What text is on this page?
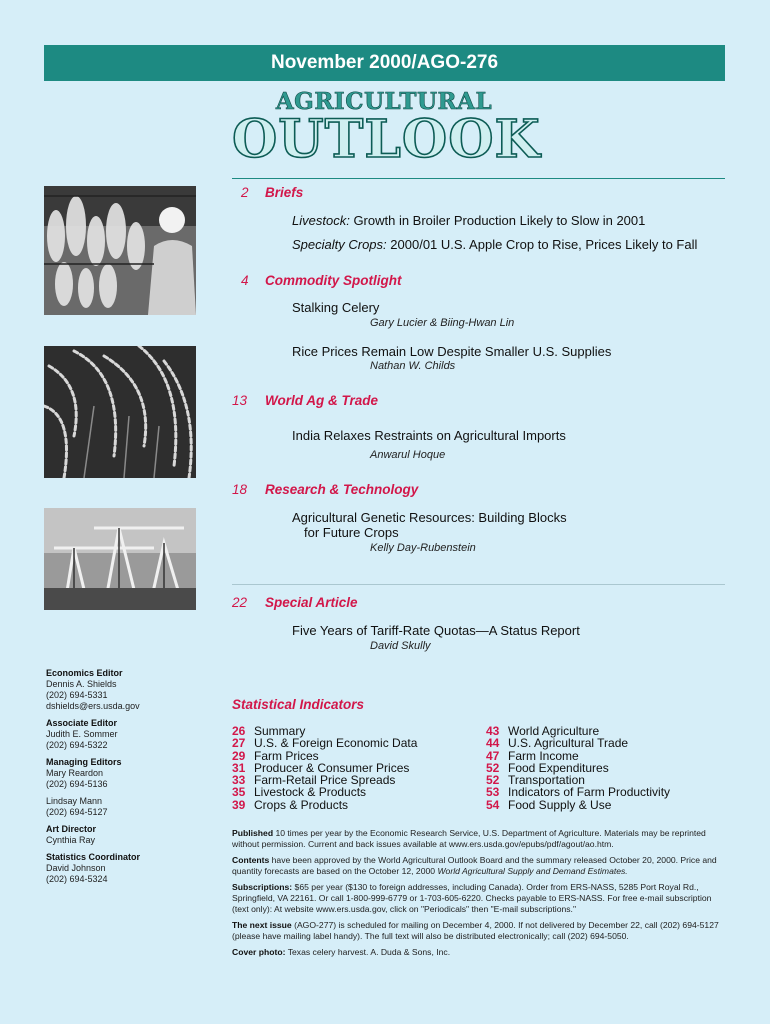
November 2000/AGO-276
AGRICULTURAL
OUTLOOK
2 Briefs
Livestock: Growth in Broiler Production Likely to Slow in 2001
Specialty Crops: 2000/01 U.S. Apple Crop to Rise, Prices Likely to Fall
4 Commodity Spotlight
Stalking Celery
Gary Lucier & Biing-Hwan Lin
Rice Prices Remain Low Despite Smaller U.S. Supplies
Nathan W. Childs
13 World Ag & Trade
India Relaxes Restraints on Agricultural Imports
Anwarul Hoque
18 Research & Technology
Agricultural Genetic Resources: Building Blocks
for Future Crops
Kelly Day-Rubenstein
22 Special Article
Five Years of Tariff-Rate Quotas—A Status Report
David Skully
Economics Editor
Dennis A. Shields
(202) 694-5331
dshields@ers.usda.gov
Associate Editor
Judith E. Sommer
(202) 694-5322
Managing Editors
Mary Reardon
(202) 694-5136
Lindsay Mann
(202) 694-5127
Art Director
Cynthia Ray
Statistics Coordinator
David Johnson
(202) 694-5324
Statistical Indicators
26 Summary
27 U.S. & Foreign Economic Data
29 Farm Prices
31 Producer & Consumer Prices
33 Farm-Retail Price Spreads
35 Livestock & Products
39 Crops & Products
43 World Agriculture
44 U.S. Agricultural Trade
47 Farm Income
52 Food Expenditures
52 Transportation
53 Indicators of Farm Productivity
54 Food Supply & Use

Published 10 times per year by the Economic Research Service, U.S. Department of Agriculture. Materials may be reprinted without permission. Current and back issues available at www.ers.usda.gov/epubs/pdf/agout/ao.htm.

Contents have been approved by the World Agricultural Outlook Board and the summary released October 20, 2000. Price and quantity forecasts are based on the October 12, 2000 World Agricultural Supply and Demand Estimates.

Subscriptions: $65 per year ($130 to foreign addresses, including Canada). Order from ERS-NASS, 5285 Port Royal Rd., Springfield, VA 22161. Or call 1-800-999-6779 or 1-703-605-6220. Checks payable to ERS-NASS. For free e-mail subscription (text only): At website www.ers.usda.gov, click on "Periodicals" then "E-mail subscriptions."

The next issue (AGO-277) is scheduled for mailing on December 4, 2000. If not delivered by December 22, call (202) 694-5127 (please have mailing label handy). The full text will also be distributed electronically; call (202) 694-5050.

Cover photo: Texas celery harvest. A. Duda & Sons, Inc.
